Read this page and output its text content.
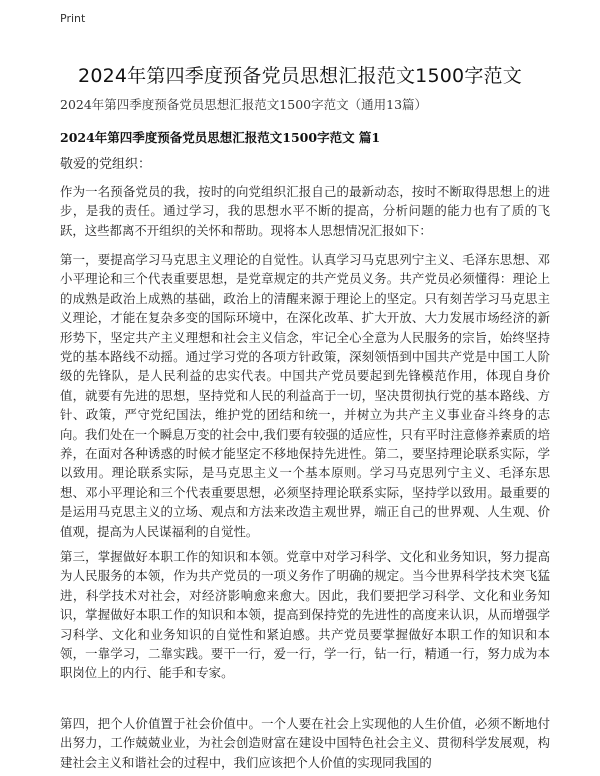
Print
2024年第四季度预备党员思想汇报范文1500字范文
2024年第四季度预备党员思想汇报范文1500字范文（通用13篇）
2024年第四季度预备党员思想汇报范文1500字范文 篇1
敬爱的党组织：

作为一名预备党员的我，按时的向党组织汇报自己的最新动态，按时不断取得思想上的进步，是我的责任。通过学习，我的思想水平不断的提高，分析问题的能力也有了质的飞跃，这些都离不开组织的关怀和帮助。现将本人思想情况汇报如下：

第一，要提高学习马克思主义理论的自觉性。认真学习马克思列宁主义、毛泽东思想、邓小平理论和三个代表重要思想，是党章规定的共产党员义务。共产党员必须懂得：理论上的成熟是政治上成熟的基础，政治上的清醒来源于理论上的坚定。只有刻苦学习马克思主义理论，才能在复杂多变的国际环境中，在深化改革、扩大开放、大力发展市场经济的新形势下，坚定共产主义理想和社会主义信念，牢记全心全意为人民服务的宗旨，始终坚持党的基本路线不动摇。通过学习党的各项方针政策，深刻领悟到中国共产党是中国工人阶级的先锋队，是人民利益的忠实代表。中国共产党员要起到先锋模范作用，体现自身价值，就要有先进的思想，坚持党和人民的利益高于一切，坚决贯彻执行党的基本路线、方针、政策，严守党纪国法，维护党的团结和统一，并树立为共产主义事业奋斗终身的志向。我们处在一个瞬息万变的社会中,我们要有较强的适应性，只有平时注意修养素质的培养，在面对各种诱惑的时候才能坚定不移地保持先进性。第二，要坚持理论联系实际，学以致用。理论联系实际，是马克思主义一个基本原则。学习马克思列宁主义、毛泽东思想、邓小平理论和三个代表重要思想，必须坚持理论联系实际，坚持学以致用。最重要的是运用马克思主义的立场、观点和方法来改造主观世界，端正自己的世界观、人生观、价值观，提高为人民谋福利的自觉性。

第三，掌握做好本职工作的知识和本领。党章中对学习科学、文化和业务知识，努力提高为人民服务的本领，作为共产党员的一项义务作了明确的规定。当今世界科学技术突飞猛进，科学技术对社会，对经济影响愈来愈大。因此，我们要把学习科学、文化和业务知识，掌握做好本职工作的知识和本领，提高到保持党的先进性的高度来认识，从而增强学习科学、文化和业务知识的自觉性和紧迫感。共产党员要掌握做好本职工作的知识和本领，一靠学习，二靠实践。要干一行，爱一行，学一行，钻一行，精通一行，努力成为本职岗位上的内行、能手和专家。

第四，把个人价值置于社会价值中。一个人要在社会上实现他的人生价值，必须不断地付出努力，工作兢兢业业，为社会创造财富在建设中国特色社会主义、贯彻科学发展观，构建社会主义和谐社会的过程中，我们应该把个人价值的实现同我国的
